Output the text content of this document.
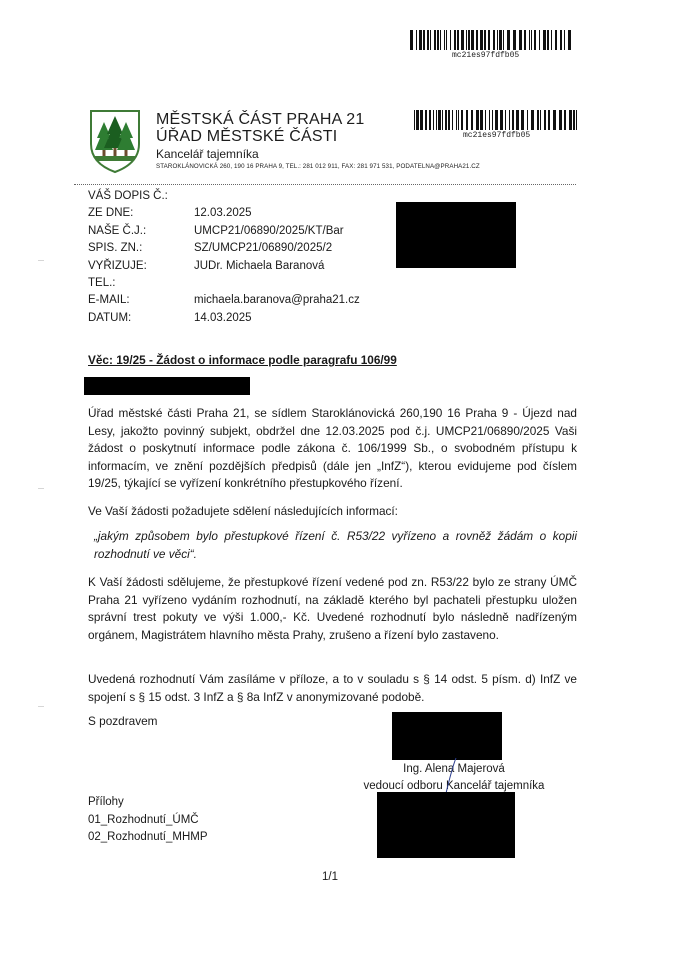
mc21es97fdfb05
MĚSTSKÁ ČÁST PRAHA 21
ÚŘAD MĚSTSKÉ ČÁSTI
Kancelář tajemníka
STAROKLÁNOVICKÁ 260, 190 16 PRAHA 9, TEL.: 281 012 911, FAX: 281 971 531, PODATELNA@PRAHA21.CZ
mc21es97fdfb05
VÁŠ DOPIS Č.:
ZE DNE:	12.03.2025
NAŠE Č.J.:	UMCP21/06890/2025/KT/Bar
SPIS. ZN.:	SZ/UMCP21/06890/2025/2
VYŘIZUJE:	JUDr. Michaela Baranová
TEL.:
E-MAIL:	michaela.baranova@praha21.cz
DATUM:	14.03.2025
Věc: 19/25 - Žádost o informace podle paragrafu 106/99
Úřad městské části Praha 21, se sídlem Staroklánovická 260,190 16 Praha 9 - Újezd nad Lesy, jakožto povinný subjekt, obdržel dne 12.03.2025 pod č.j. UMCP21/06890/2025 Vaši žádost o poskytnutí informace podle zákona č. 106/1999 Sb., o svobodném přístupu k informacím, ve znění pozdějších předpisů (dále jen „InfZ“), kterou evidujeme pod číslem 19/25, týkající se vyřízení konkrétního přestupkového řízení.
Ve Vaší žádosti požadujete sdělení následujících informací:
„jakým způsobem bylo přestupkové řízení č. R53/22 vyřízeno a rovněž žádám o kopii rozhodnutí ve věci“.
K Vaší žádosti sdělujeme, že přestupkové řízení vedené pod zn. R53/22 bylo ze strany ÚMČ Praha 21 vyřízeno vydáním rozhodnutí, na základě kterého byl pachateli přestupku uložen správní trest pokuty ve výši 1.000,- Kč. Uvedené rozhodnutí bylo následně nadřízeným orgánem, Magistrátem hlavního města Prahy, zrušeno a řízení bylo zastaveno.
Uvedená rozhodnutí Vám zasíláme v příloze, a to v souladu s § 14 odst. 5 písm. d) InfZ ve spojení s § 15 odst. 3 InfZ a § 8a InfZ v anonymizované podobě.
S pozdravem
Ing. Alena Majerová
vedoucí odboru Kancelář tajemníka
Přílohy
01_Rozhodnutí_ÚMČ
02_Rozhodnutí_MHMP
1/1
